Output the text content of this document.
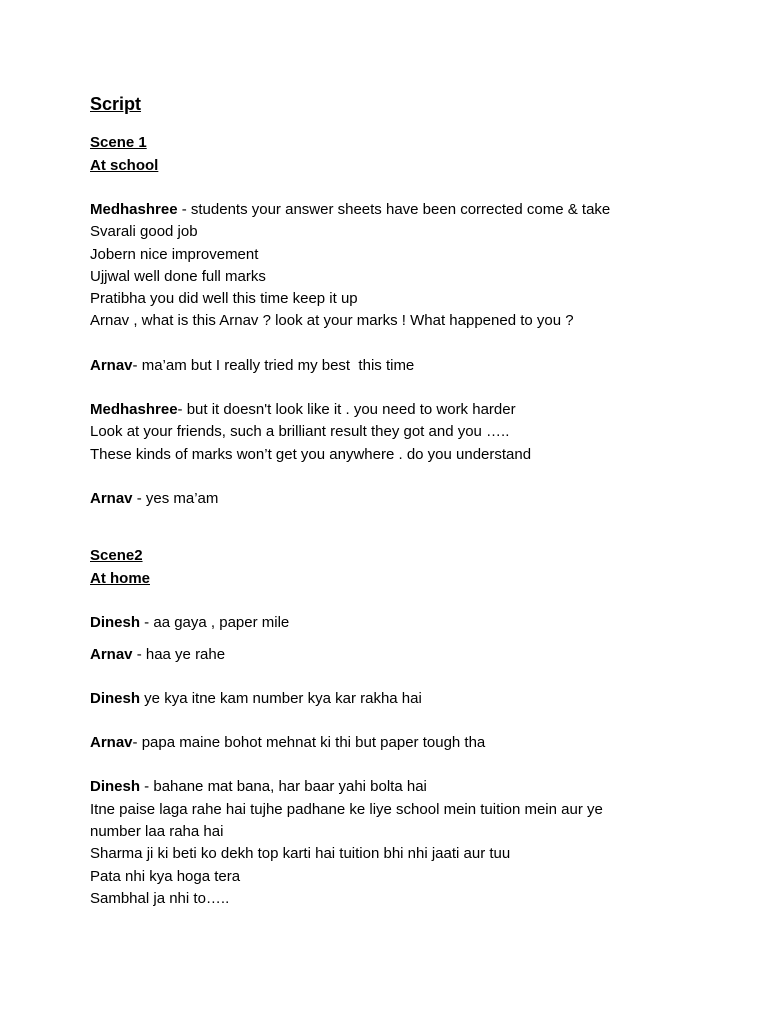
Script

Scene 1

At school

Medhashree - students your answer sheets have been corrected come & take

Svarali good job

Jobern nice improvement

Ujjwal well done full marks

Pratibha you did well this time keep it up

Arnav , what is this Arnav ? look at your marks ! What happened to you ?

Arnav- ma’am but I really tried my best  this time

Medhashree- but it doesn't look like it . you need to work harder

Look at your friends, such a brilliant result they got and you …..

These kinds of marks won’t get you anywhere . do you understand

Arnav - yes ma’am

Scene2

At home

Dinesh - aa gaya , paper mile

Arnav - haa ye rahe

Dinesh ye kya itne kam number kya kar rakha hai

Arnav- papa maine bohot mehnat ki thi but paper tough tha

Dinesh - bahane mat bana, har baar yahi bolta hai

Itne paise laga rahe hai tujhe padhane ke liye school mein tuition mein aur ye

number laa raha hai

Sharma ji ki beti ko dekh top karti hai tuition bhi nhi jaati aur tuu

Pata nhi kya hoga tera

Sambhal ja nhi to…..
